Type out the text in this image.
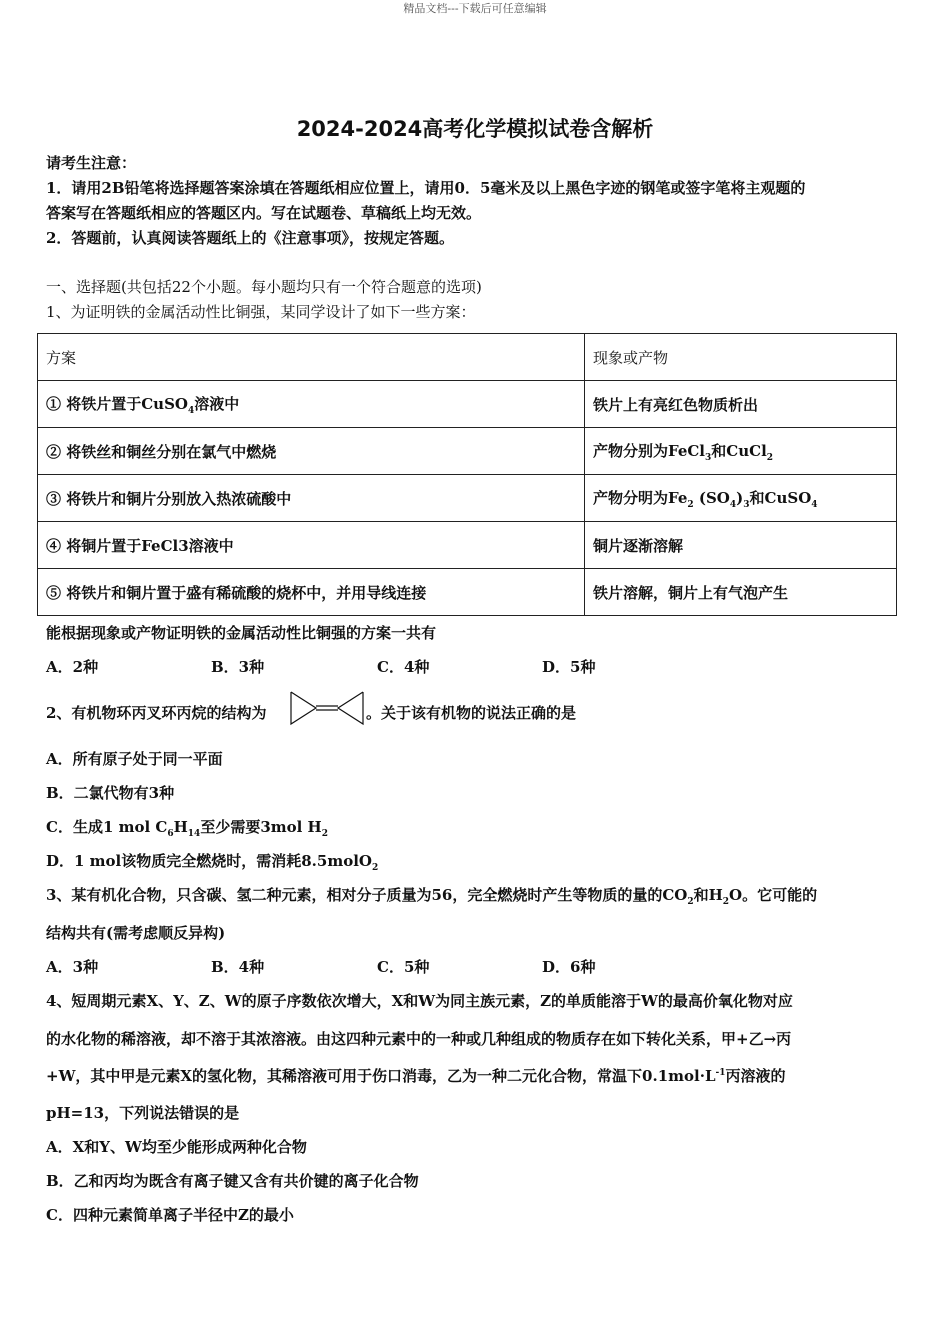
精品文档---下载后可任意编辑
2024-2024高考化学模拟试卷含解析
请考生注意：
1．请用2B铅笔将选择题答案涂填在答题纸相应位置上，请用0．5毫米及以上黑色字迹的钢笔或签字笔将主观题的
答案写在答题纸相应的答题区内。写在试题卷、草稿纸上均无效。
2．答题前，认真阅读答题纸上的《注意事项》，按规定答题。
一、选择题(共包括22个小题。每小题均只有一个符合题意的选项)
1、为证明铁的金属活动性比铜强，某同学设计了如下一些方案：
方案	现象或产物
① 将铁片置于CuSO$_4$溶液中	铁片上有亮红色物质析出
② 将铁丝和铜丝分别在氯气中燃烧	产物分别为FeCl$_3$和CuCl$_2$
③ 将铁片和铜片分别放入热浓硫酸中	产物分明为$Fe_2$ $(SO_4)_3$和CuSO$_4$
④ 将铜片置于FeCl3溶液中	铜片逐渐溶解
⑤ 将铁片和铜片置于盛有稀硫酸的烧杯中，并用导线连接	铁片溶解，铜片上有气泡产生
能根据现象或产物证明铁的金属活动性比铜强的方案一共有
A．2种	B．3种	C．4种	D．5种
2、有机物环丙叉环丙烷的结构为	。关于该有机物的说法正确的是
A．所有原子处于同一平面
B．二氯代物有3种
C．生成1 mol $C_6H_{14}$至少需要3mol $H_2$
D．1 mol该物质完全燃烧时，需消耗8.5molO$_2$
3、某有机化合物，只含碳、氢二种元素，相对分子质量为56，完全燃烧时产生等物质的量的$CO_2$和$H_2O$。它可能的
结构共有(需考虑顺反异构)
A．3种	B．4种	C．5种	D．6种
4、短周期元素X、Y、Z、W的原子序数依次增大，X和W为同主族元素，Z的单质能溶于W的最高价氧化物对应
的水化物的稀溶液，却不溶于其浓溶液。由这四种元素中的一种或几种组成的物质存在如下转化关系，甲+乙→丙
+W，其中甲是元素X的氢化物，其稀溶液可用于伤口消毒，乙为一种二元化合物，常温下$0.1mol\cdot L^{-1}$丙溶液的
pH=13，下列说法错误的是
A．X和Y、W均至少能形成两种化合物
B．乙和丙均为既含有离子键又含有共价键的离子化合物
C．四种元素简单离子半径中Z的最小
